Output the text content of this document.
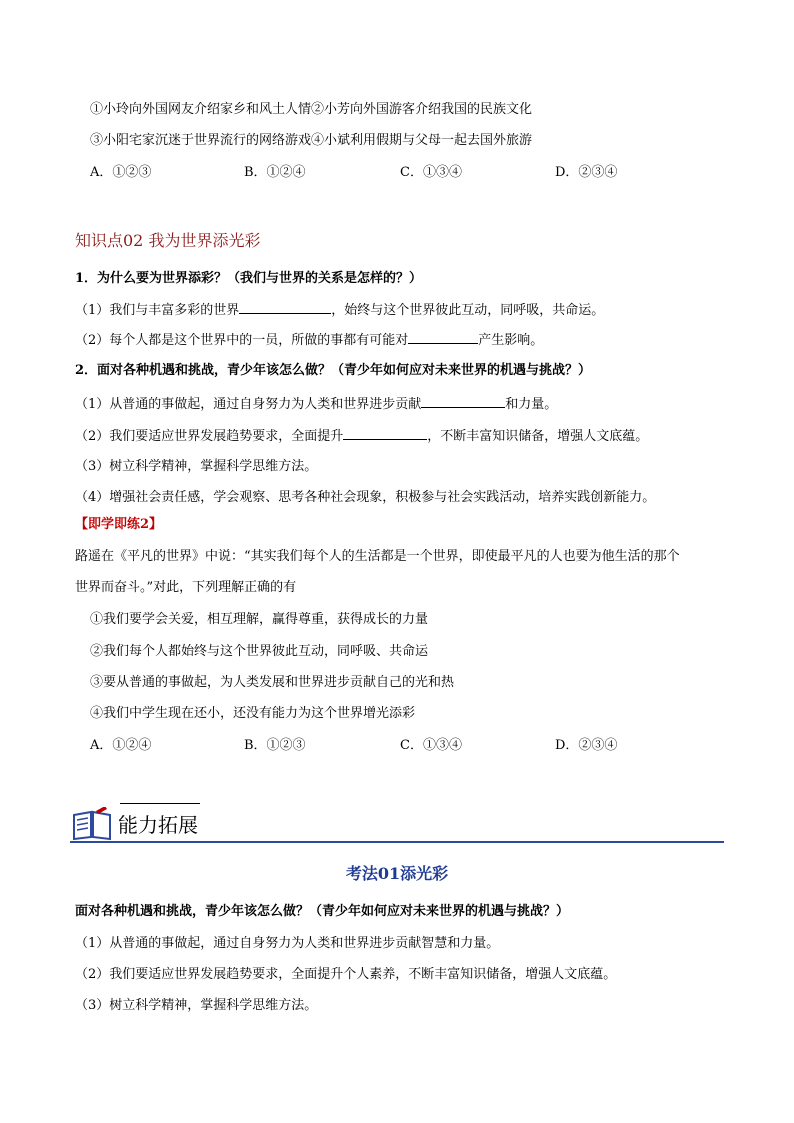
①小玲向外国网友介绍家乡和风土人情②小芳向外国游客介绍我国的民族文化
③小阳宅家沉迷于世界流行的网络游戏④小斌利用假期与父母一起去国外旅游
A．①②③	B．①②④	C．①③④	D．②③④
知识点02 我为世界添光彩
1．为什么要为世界添彩？（我们与世界的关系是怎样的？）
（1）我们与丰富多彩的世界	，始终与这个世界彼此互动，同呼吸，共命运。
（2）每个人都是这个世界中的一员，所做的事都有可能对	产生影响。
2．面对各种机遇和挑战，青少年该怎么做？（青少年如何应对未来世界的机遇与挑战？）
（1）从普通的事做起，通过自身努力为人类和世界进步贡献	和力量。
（2）我们要适应世界发展趋势要求，全面提升	，不断丰富知识储备，增强人文底蕴。
（3）树立科学精神，掌握科学思维方法。
（4）增强社会责任感，学会观察、思考各种社会现象，积极参与社会实践活动，培养实践创新能力。
【即学即练2】
路遥在《平凡的世界》中说：“其实我们每个人的生活都是一个世界，即使最平凡的人也要为他生活的那个
世界而奋斗。”对此，下列理解正确的有
①我们要学会关爱，相互理解，赢得尊重，获得成长的力量
②我们每个人都始终与这个世界彼此互动，同呼吸、共命运
③要从普通的事做起，为人类发展和世界进步贡献自己的光和热
④我们中学生现在还小，还没有能力为这个世界增光添彩
A．①②④	B．①②③	C．①③④	D．②③④
能力拓展
考法01添光彩
面对各种机遇和挑战，青少年该怎么做？（青少年如何应对未来世界的机遇与挑战？）
（1）从普通的事做起，通过自身努力为人类和世界进步贡献智慧和力量。
（2）我们要适应世界发展趋势要求，全面提升个人素养，不断丰富知识储备，增强人文底蕴。
（3）树立科学精神，掌握科学思维方法。
